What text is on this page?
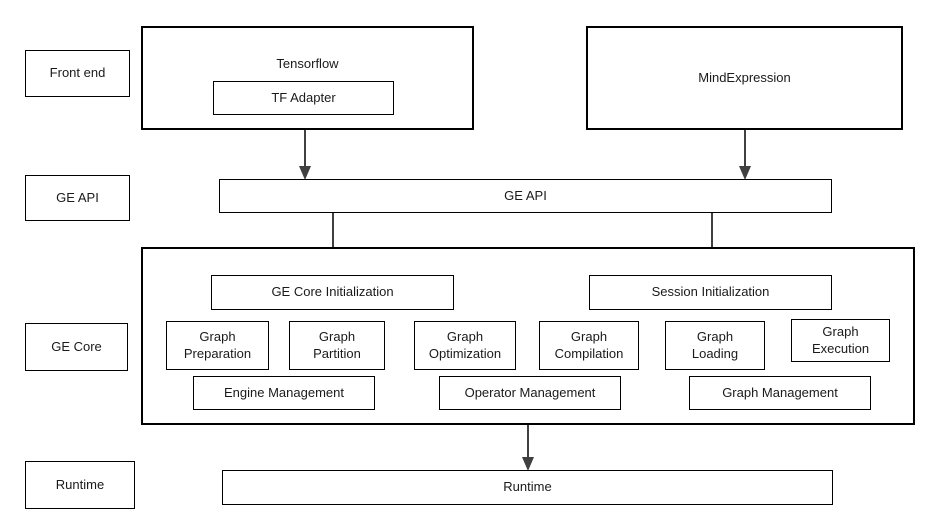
Front end
GE API
GE Core
Runtime
Tensorflow
TF Adapter
MindExpression
GE API
GE Core Initialization	Session Initialization
Graph
Preparation
Graph
Partition
Graph
Optimization
Graph
Compilation
Graph
Loading
Graph
Execution
Engine Management	Operator Management	Graph Management
Runtime
